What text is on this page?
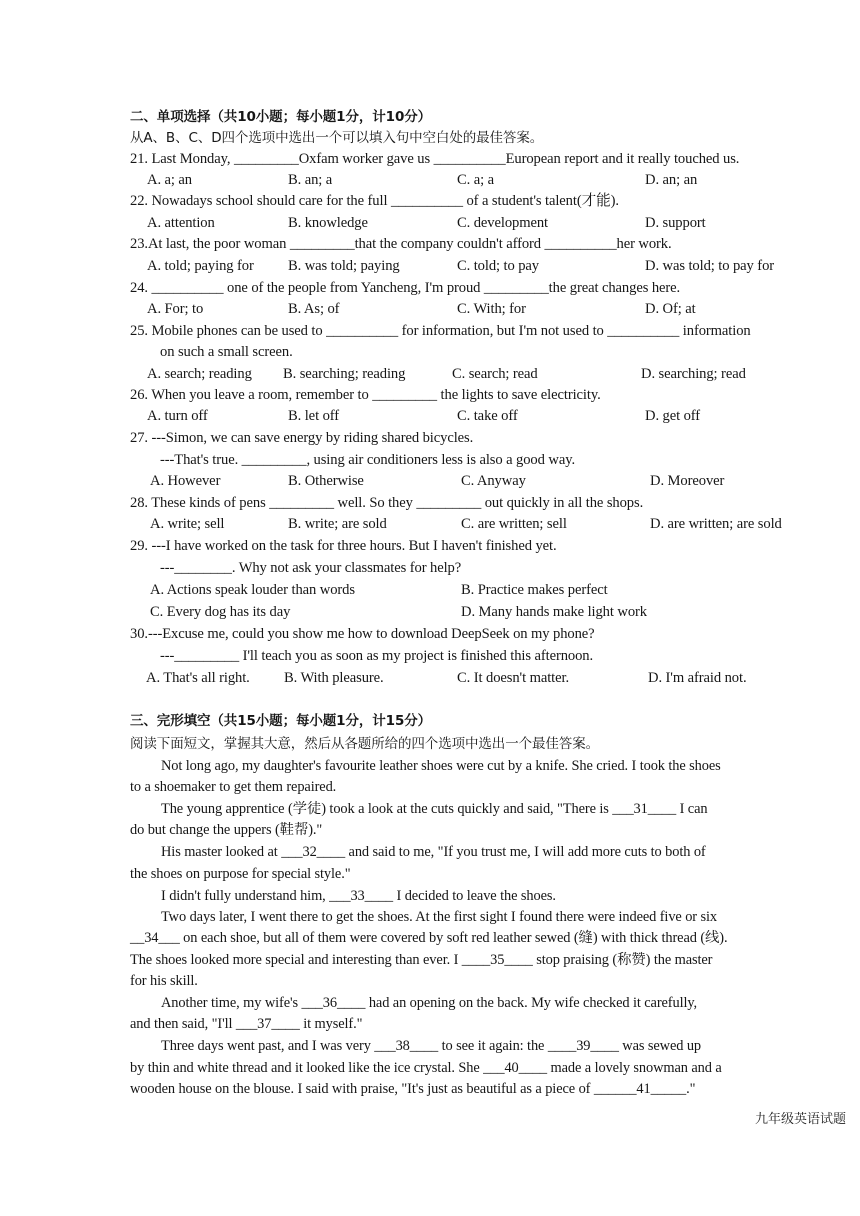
二、单项选择（共10小题；每小题1分，计10分）
从A、B、C、D四个选项中选出一个可以填入句中空白处的最佳答案。
21. Last Monday, _________Oxfam worker gave us __________European report and it really touched us.
A. a; an	B. an; a	C. a; a	D. an; an
22. Nowadays school should care for the full __________ of a student's talent(才能).
A. attention	B. knowledge	C. development	D. support
23.At last, the poor woman _________that the company couldn't afford __________her work.
A. told; paying for B. was told; paying	C. told; to pay	D. was told; to pay for
24. __________ one of the people from Yancheng, I'm proud _________the great changes here.
A. For; to	B. As; of	C. With; for	D. Of; at
25. Mobile phones can be used to __________ for information, but I'm not used to __________ information
on such a small screen.
A. search; reading B. searching; reading	C. search; read	D. searching; read
26. When you leave a room, remember to _________ the lights to save electricity.
A. turn off	B. let off	C. take off	D. get off
27. ---Simon, we can save energy by riding shared bicycles.
---That's true. _________, using air conditioners less is also a good way.
A. However	B. Otherwise	C. Anyway	D. Moreover
28. These kinds of pens _________ well. So they _________ out quickly in all the shops.
A. write; sell	B. write; are sold	C. are written; sell	D. are written; are sold
29. ---I have worked on the task for three hours. But I haven't finished yet.
---________. Why not ask your classmates for help?
A. Actions speak louder than words	B. Practice makes perfect
C. Every dog has its day	D. Many hands make light work
30.---Excuse me, could you show me how to download DeepSeek on my phone?
---_________ I'll teach you as soon as my project is finished this afternoon.
A. That's all right. B. With pleasure.	C. It doesn't matter.	D. I'm afraid not.
三、完形填空（共15小题；每小题1分，计15分）
阅读下面短文，掌握其大意，然后从各题所给的四个选项中选出一个最佳答案。
Not long ago, my daughter's favourite leather shoes were cut by a knife. She cried. I took the shoes
to a shoemaker to get them repaired.
The young apprentice (学徒) took a look at the cuts quickly and said, "There is ___31____ I can
do but change the uppers (鞋帮)."
His master looked at ___32____ and said to me, "If you trust me, I will add more cuts to both of
the shoes on purpose for special style."
I didn't fully understand him, ___33____ I decided to leave the shoes.
Two days later, I went there to get the shoes. At the first sight I found there were indeed five or six
__34___ on each shoe, but all of them were covered by soft red leather sewed (缝) with thick thread (线).
The shoes looked more special and interesting than ever. I ____35____ stop praising (称赞) the master
for his skill.
Another time, my wife's ___36____ had an opening on the back. My wife checked it carefully,
and then said, "I'll ___37____ it myself."
Three days went past, and I was very ___38____ to see it again: the ____39____ was sewed up
by thin and white thread and it looked like the ice crystal. She ___40____ made a lovely snowman and a
wooden house on the blouse. I said with praise, "It's just as beautiful as a piece of ______41_____."
九年级英语试题
